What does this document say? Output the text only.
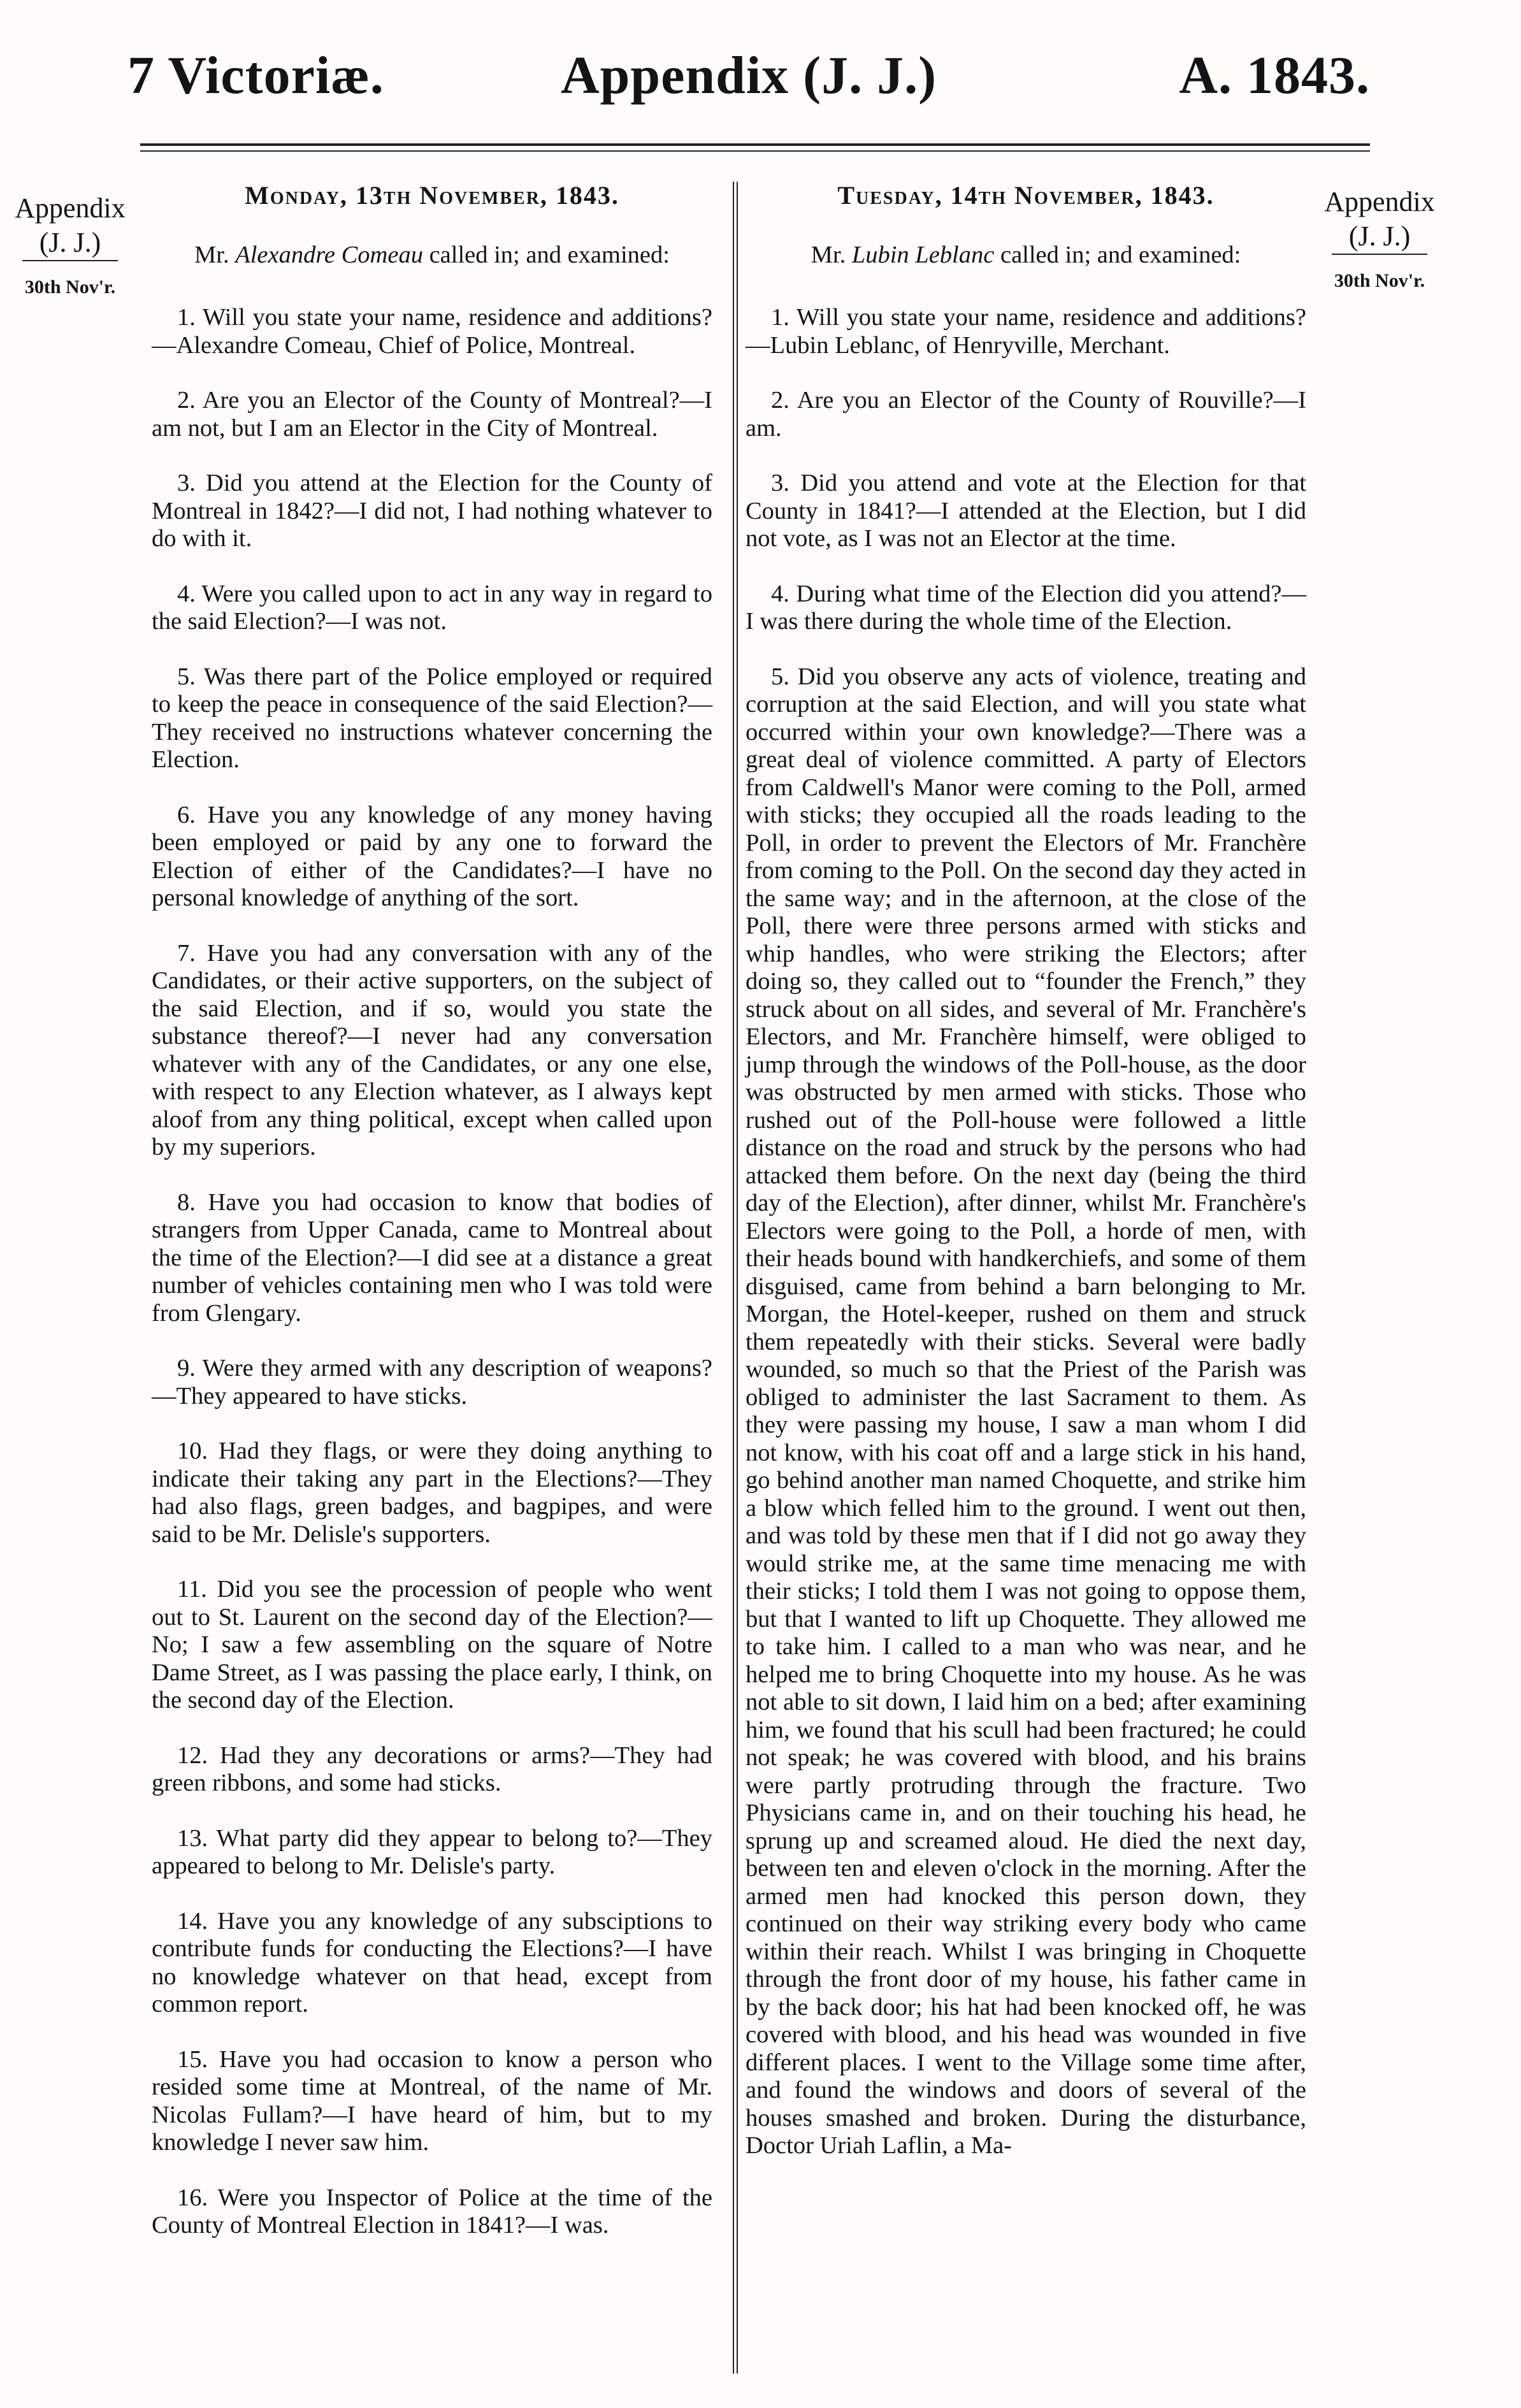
7 Victoriæ.	Appendix (J. J.)	A. 1843.
Appendix
(J. J.)
30th Nov'r.
Appendix
(J. J.)
30th Nov'r.
Monday, 13th November, 1843.
Mr. Alexandre Comeau called in; and examined:

1. Will you state your name, residence and additions?—Alexandre Comeau, Chief of Police, Montreal.

2. Are you an Elector of the County of Montreal?—I am not, but I am an Elector in the City of Montreal.

3. Did you attend at the Election for the County of Montreal in 1842?—I did not, I had nothing whatever to do with it.

4. Were you called upon to act in any way in regard to the said Election?—I was not.

5. Was there part of the Police employed or required to keep the peace in consequence of the said Election?—They received no instructions whatever concerning the Election.

6. Have you any knowledge of any money having been employed or paid by any one to forward the Election of either of the Candidates?—I have no personal knowledge of anything of the sort.

7. Have you had any conversation with any of the Candidates, or their active supporters, on the subject of the said Election, and if so, would you state the substance thereof?—I never had any conversation whatever with any of the Candidates, or any one else, with respect to any Election whatever, as I always kept aloof from any thing political, except when called upon by my superiors.

8. Have you had occasion to know that bodies of strangers from Upper Canada, came to Montreal about the time of the Election?—I did see at a distance a great number of vehicles containing men who I was told were from Glengary.

9. Were they armed with any description of weapons?—They appeared to have sticks.

10. Had they flags, or were they doing anything to indicate their taking any part in the Elections?—They had also flags, green badges, and bagpipes, and were said to be Mr. Delisle's supporters.

11. Did you see the procession of people who went out to St. Laurent on the second day of the Election?—No; I saw a few assembling on the square of Notre Dame Street, as I was passing the place early, I think, on the second day of the Election.

12. Had they any decorations or arms?—They had green ribbons, and some had sticks.

13. What party did they appear to belong to?—They appeared to belong to Mr. Delisle's party.

14. Have you any knowledge of any subsciptions to contribute funds for conducting the Elections?—I have no knowledge whatever on that head, except from common report.

15. Have you had occasion to know a person who resided some time at Montreal, of the name of Mr. Nicolas Fullam?—I have heard of him, but to my knowledge I never saw him.

16. Were you Inspector of Police at the time of the County of Montreal Election in 1841?—I was.

Tuesday, 14th November, 1843.
Mr. Lubin Leblanc called in; and examined:

1. Will you state your name, residence and additions?—Lubin Leblanc, of Henryville, Merchant.

2. Are you an Elector of the County of Rouville?—I am.

3. Did you attend and vote at the Election for that County in 1841?—I attended at the Election, but I did not vote, as I was not an Elector at the time.

4. During what time of the Election did you attend?—I was there during the whole time of the Election.

5. Did you observe any acts of violence, treating and corruption at the said Election, and will you state what occurred within your own knowledge?—There was a great deal of violence committed. A party of Electors from Caldwell's Manor were coming to the Poll, armed with sticks; they occupied all the roads leading to the Poll, in order to prevent the Electors of Mr. Franchère from coming to the Poll. On the second day they acted in the same way; and in the afternoon, at the close of the Poll, there were three persons armed with sticks and whip handles, who were striking the Electors; after doing so, they called out to “founder the French,” they struck about on all sides, and several of Mr. Franchère's Electors, and Mr. Franchère himself, were obliged to jump through the windows of the Poll-house, as the door was obstructed by men armed with sticks. Those who rushed out of the Poll-house were followed a little distance on the road and struck by the persons who had attacked them before. On the next day (being the third day of the Election), after dinner, whilst Mr. Franchère's Electors were going to the Poll, a horde of men, with their heads bound with handkerchiefs, and some of them disguised, came from behind a barn belonging to Mr. Morgan, the Hotel-keeper, rushed on them and struck them repeatedly with their sticks. Several were badly wounded, so much so that the Priest of the Parish was obliged to administer the last Sacrament to them. As they were passing my house, I saw a man whom I did not know, with his coat off and a large stick in his hand, go behind another man named Choquette, and strike him a blow which felled him to the ground. I went out then, and was told by these men that if I did not go away they would strike me, at the same time menacing me with their sticks; I told them I was not going to oppose them, but that I wanted to lift up Choquette. They allowed me to take him. I called to a man who was near, and he helped me to bring Choquette into my house. As he was not able to sit down, I laid him on a bed; after examining him, we found that his scull had been fractured; he could not speak; he was covered with blood, and his brains were partly protruding through the fracture. Two Physicians came in, and on their touching his head, he sprung up and screamed aloud. He died the next day, between ten and eleven o'clock in the morning. After the armed men had knocked this person down, they continued on their way striking every body who came within their reach. Whilst I was bringing in Choquette through the front door of my house, his father came in by the back door; his hat had been knocked off, he was covered with blood, and his head was wounded in five different places. I went to the Village some time after, and found the windows and doors of several of the houses smashed and broken. During the disturbance, Doctor Uriah Laflin, a Ma-
